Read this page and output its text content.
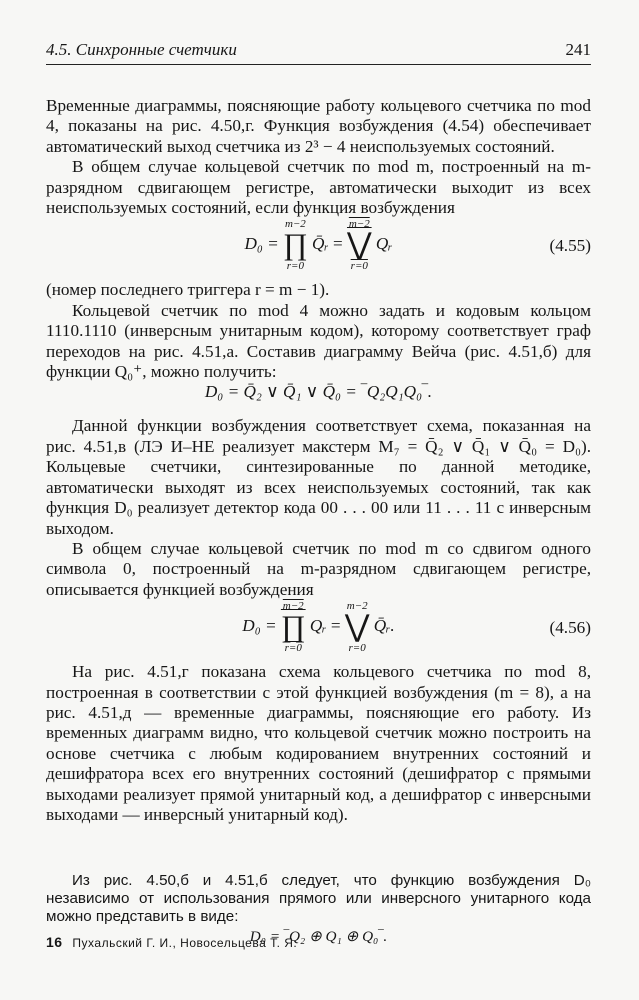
4.5. Синхронные счетчики	241

Временные диаграммы, поясняющие работу кольцевого счетчика по mod 4, показаны на рис. 4.50,г. Функция возбуждения (4.54) обеспечивает автоматический выход счетчика из 2³ − 4 неиспользуемых состояний.

В общем случае кольцевой счетчик по mod m, построенный на m-разрядном сдвигающем регистре, автоматически выходит из всех неиспользуемых состояний, если функция возбуждения

D₀ =
m−2
∏
r=0
Q̄ᵣ =
m−2
⋁
r=0
Qᵣ	(4.55)

(номер последнего триггера r = m − 1).

Кольцевой счетчик по mod 4 можно задать и кодовым кольцом 1110.1110 (инверсным унитарным кодом), которому соответствует граф переходов на рис. 4.51,а. Составив диаграмму Вейча (рис. 4.51,б) для функции Q₀⁺, можно получить:

D₀ = Q̄₂ ∨ Q̄₁ ∨ Q̄₀ = ‾Q₂Q₁Q₀‾.

Данной функции возбуждения соответствует схема, показанная на рис. 4.51,в (ЛЭ И–НЕ реализует макстерм M₇ = Q̄₂ ∨ Q̄₁ ∨ Q̄₀ = D₀). Кольцевые счетчики, синтезированные по данной методике, автоматически выходят из всех неиспользуемых состояний, так как функция D₀ реализует детектор кода 00 . . . 00 или 11 . . . 11 с инверсным выходом.

В общем случае кольцевой счетчик по mod m со сдвигом одного символа 0, построенный на m-разрядном сдвигающем регистре, описывается функцией возбуждения

D₀ =
m−2
∏
r=0
Qᵣ =
m−2
⋁
r=0
Q̄ᵣ.	(4.56)

На рис. 4.51,г показана схема кольцевого счетчика по mod 8, построенная в соответствии с этой функцией возбуждения (m = 8), а на рис. 4.51,д — временные диаграммы, поясняющие его работу. Из временных диаграмм видно, что кольцевой счетчик можно построить на основе счетчика с любым кодированием внутренних состояний и дешифратора всех его внутренних состояний (дешифратор с прямыми выходами реализует прямой унитарный код, а дешифратор с инверсными выходами — инверсный унитарный код).

Из рис. 4.50,б и 4.51,б следует, что функцию возбуждения D₀ независимо от использования прямого или инверсного унитарного кода можно представить в виде:

D₀ = ‾Q₂ ⊕ Q₁ ⊕ Q₀‾.
16 Пухальский Г. И., Новосельцева Т. Я.
